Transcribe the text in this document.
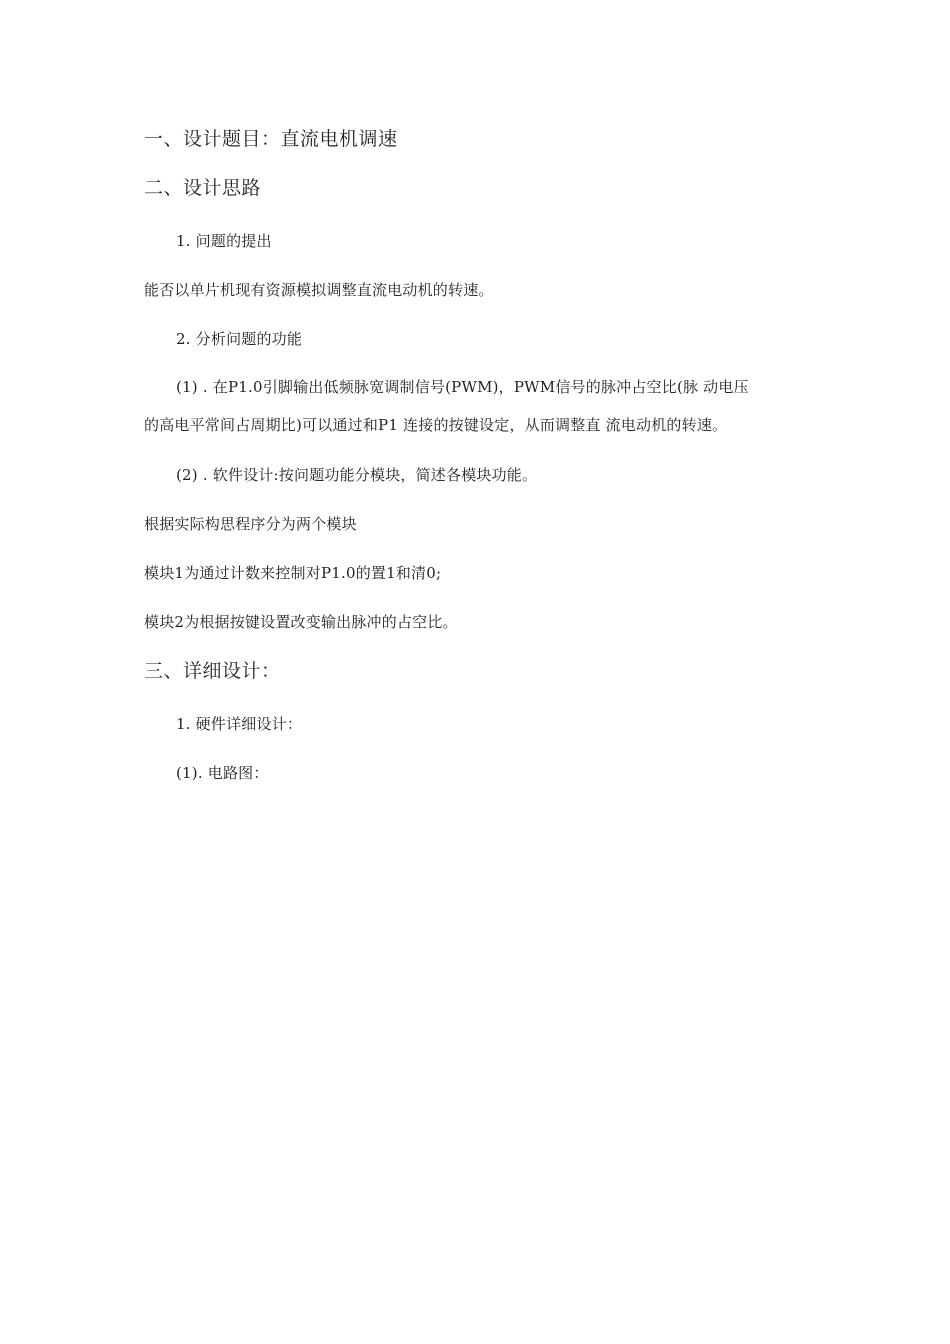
一、设计题目：直流电机调速
二、设计思路
1. 问题的提出
能否以单片机现有资源模拟调整直流电动机的转速。
2. 分析问题的功能
(1) . 在P1.0引脚输出低频脉宽调制信号(PWM)，PWM信号的脉冲占空比(脉 动电压
的高电平常间占周期比)可以通过和P1 连接的按键设定，从而调整直 流电动机的转速。
(2) . 软件设计:按问题功能分模块，简述各模块功能。
根据实际构思程序分为两个模块
模块1为通过计数来控制对P1.0的置1和清0;
模块2为根据按键设置改变输出脉冲的占空比。
三、详细设计：
1. 硬件详细设计：
(1). 电路图：
